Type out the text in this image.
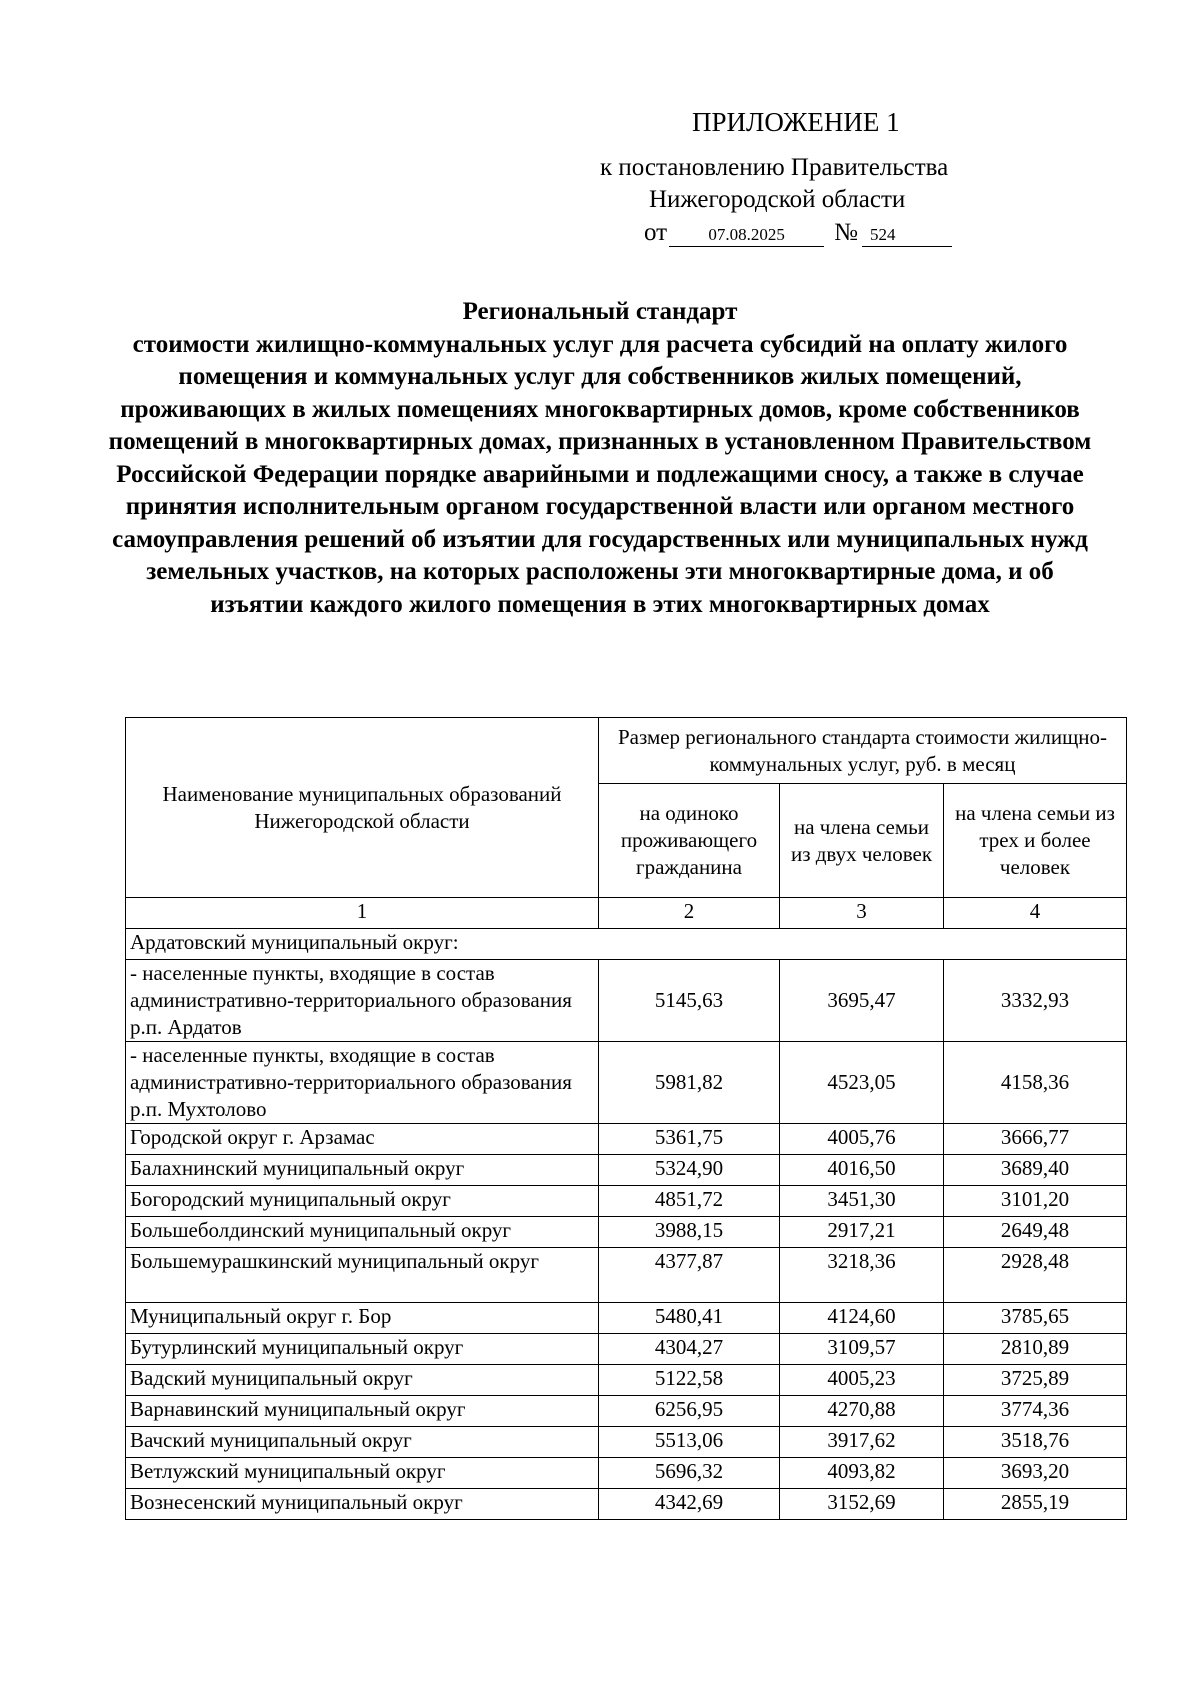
ПРИЛОЖЕНИЕ 1
к постановлению Правительства
Нижегородской области
от 07.08.2025 № 524
Региональный стандарт
стоимости жилищно-коммунальных услуг для расчета субсидий на оплату жилого помещения и коммунальных услуг для собственников жилых помещений, проживающих в жилых помещениях многоквартирных домов, кроме собственников помещений в многоквартирных домах, признанных в установленном Правительством Российской Федерации порядке аварийными и подлежащими сносу, а также в случае принятия исполнительным органом государственной власти или органом местного самоуправления решений об изъятии для государственных или муниципальных нужд земельных участков, на которых расположены эти многоквартирные дома, и об изъятии каждого жилого помещения в этих многоквартирных домах
Наименование муниципальных образований Нижегородской области	Размер регионального стандарта стоимости жилищно-коммунальных услуг, руб. в месяц		
	на одиноко проживающего гражданина	на члена семьи из двух человек	на члена семьи из трех и более человек
1	2	3	4
Ардатовский муниципальный округ:			
- населенные пункты, входящие в состав административно-территориального образования р.п. Ардатов	5145,63	3695,47	3332,93
- населенные пункты, входящие в состав административно-территориального образования р.п. Мухтолово	5981,82	4523,05	4158,36
Городской округ г. Арзамас	5361,75	4005,76	3666,77
Балахнинский муниципальный округ	5324,90	4016,50	3689,40
Богородский муниципальный округ	4851,72	3451,30	3101,20
Большеболдинский муниципальный округ	3988,15	2917,21	2649,48
Большемурашкинский муниципальный округ	4377,87	3218,36	2928,48
Муниципальный округ г. Бор	5480,41	4124,60	3785,65
Бутурлинский муниципальный округ	4304,27	3109,57	2810,89
Вадский муниципальный округ	5122,58	4005,23	3725,89
Варнавинский муниципальный округ	6256,95	4270,88	3774,36
Вачский муниципальный округ	5513,06	3917,62	3518,76
Ветлужский муниципальный округ	5696,32	4093,82	3693,20
Вознесенский муниципальный округ	4342,69	3152,69	2855,19
